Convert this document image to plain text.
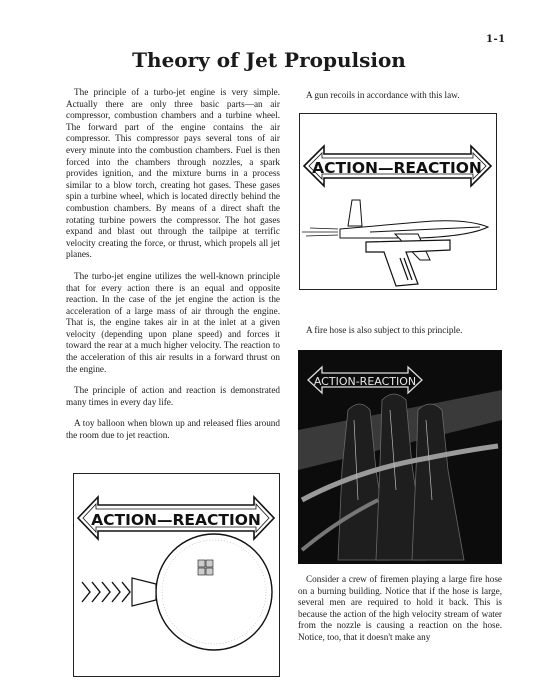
1-1
Theory of Jet Propulsion

The principle of a turbo-jet engine is very simple. Actually there are only three basic parts—an air compressor, combustion chambers and a turbine wheel. The forward part of the engine contains the air compressor. This compressor pays several tons of air every minute into the combustion chambers. Fuel is then forced into the chambers through nozzles, a spark provides ignition, and the mixture burns in a process similar to a blow torch, creating hot gases. These gases spin a turbine wheel, which is located directly behind the combustion chambers. By means of a direct shaft the rotating turbine powers the compressor. The hot gases expand and blast out through the tailpipe at terrific velocity creating the force, or thrust, which propels all jet planes.

The turbo-jet engine utilizes the well-known principle that for every action there is an equal and opposite reaction. In the case of the jet engine the action is the acceleration of a large mass of air through the engine. That is, the engine takes air in at the inlet at a given velocity (depending upon plane speed) and forces it toward the rear at a much higher velocity. The reaction to the acceleration of this air results in a forward thrust on the engine.

The principle of action and reaction is demonstrated many times in every day life.

A toy balloon when blown up and released flies around the room due to jet reaction.

A gun recoils in accordance with this law.
ACTION—REACTION
A fire hose is also subject to this principle.
ACTION-REACTION
ACTION—REACTION
Consider a crew of firemen playing a large fire hose on a burning building. Notice that if the hose is large, several men are required to hold it back. This is because the action of the high velocity stream of water from the nozzle is causing a reaction on the hose. Notice, too, that it doesn't make any
